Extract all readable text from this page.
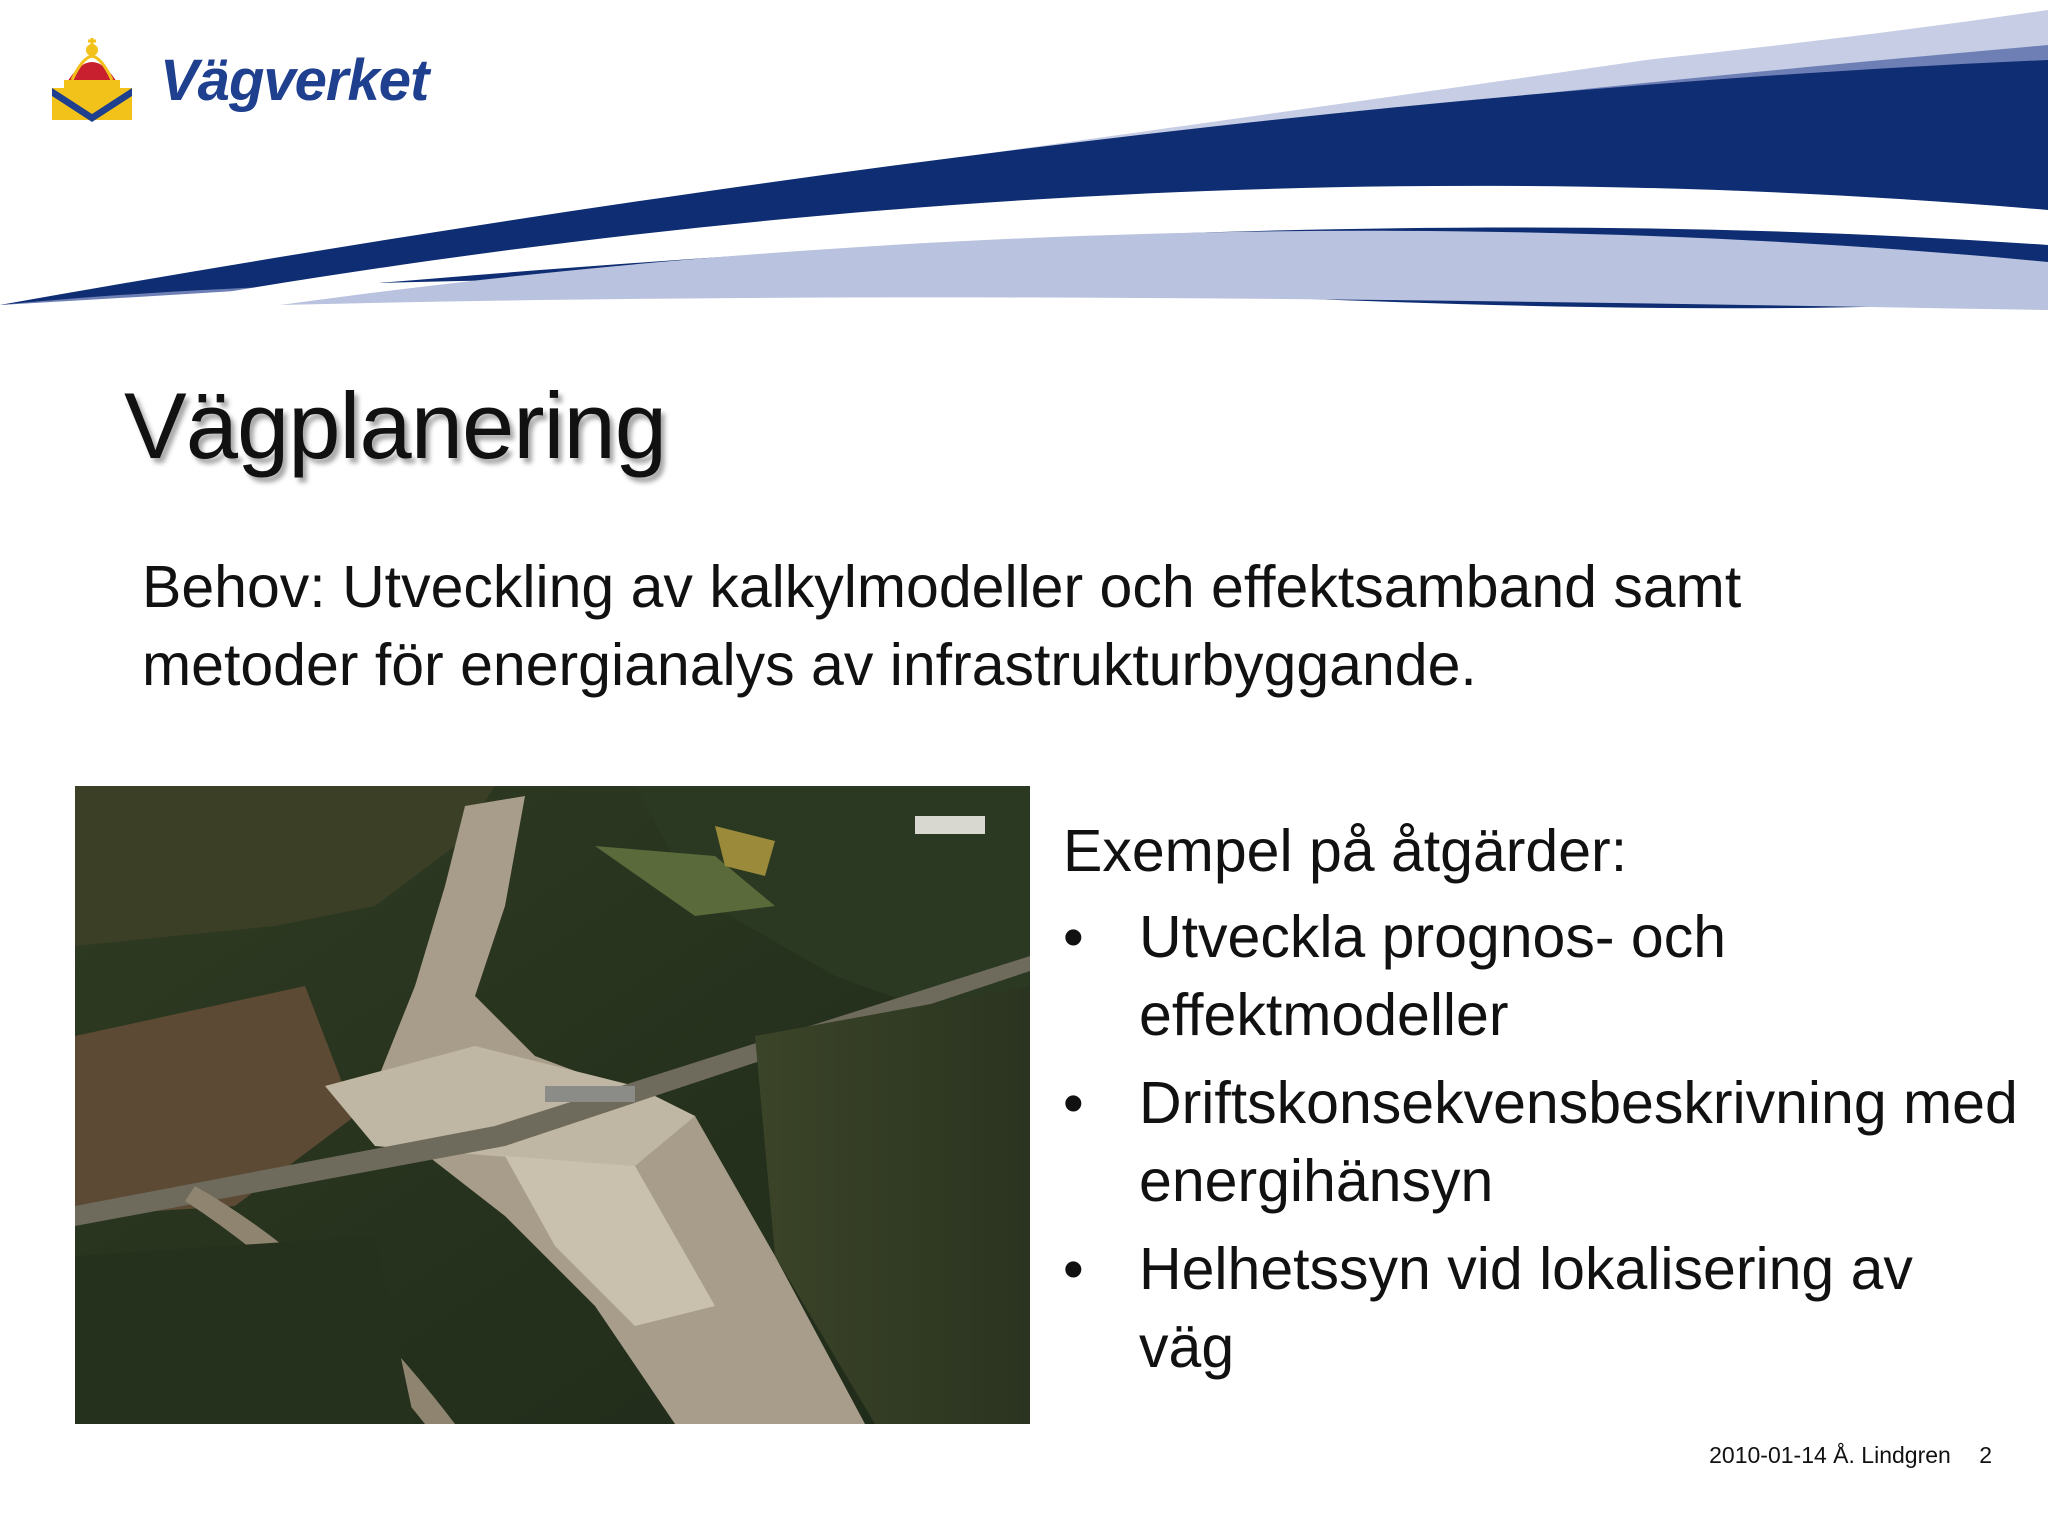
Vägverket
Vägplanering
Behov: Utveckling av kalkylmodeller och effektsamband samt metoder för energianalys av infrastrukturbyggande.
Exempel på åtgärder:
• Utveckla prognos- och effektmodeller
• Driftskonsekvensbeskrivning med energihänsyn
• Helhetssyn vid lokalisering av väg
2010-01-14 Å. Lindgren 2
